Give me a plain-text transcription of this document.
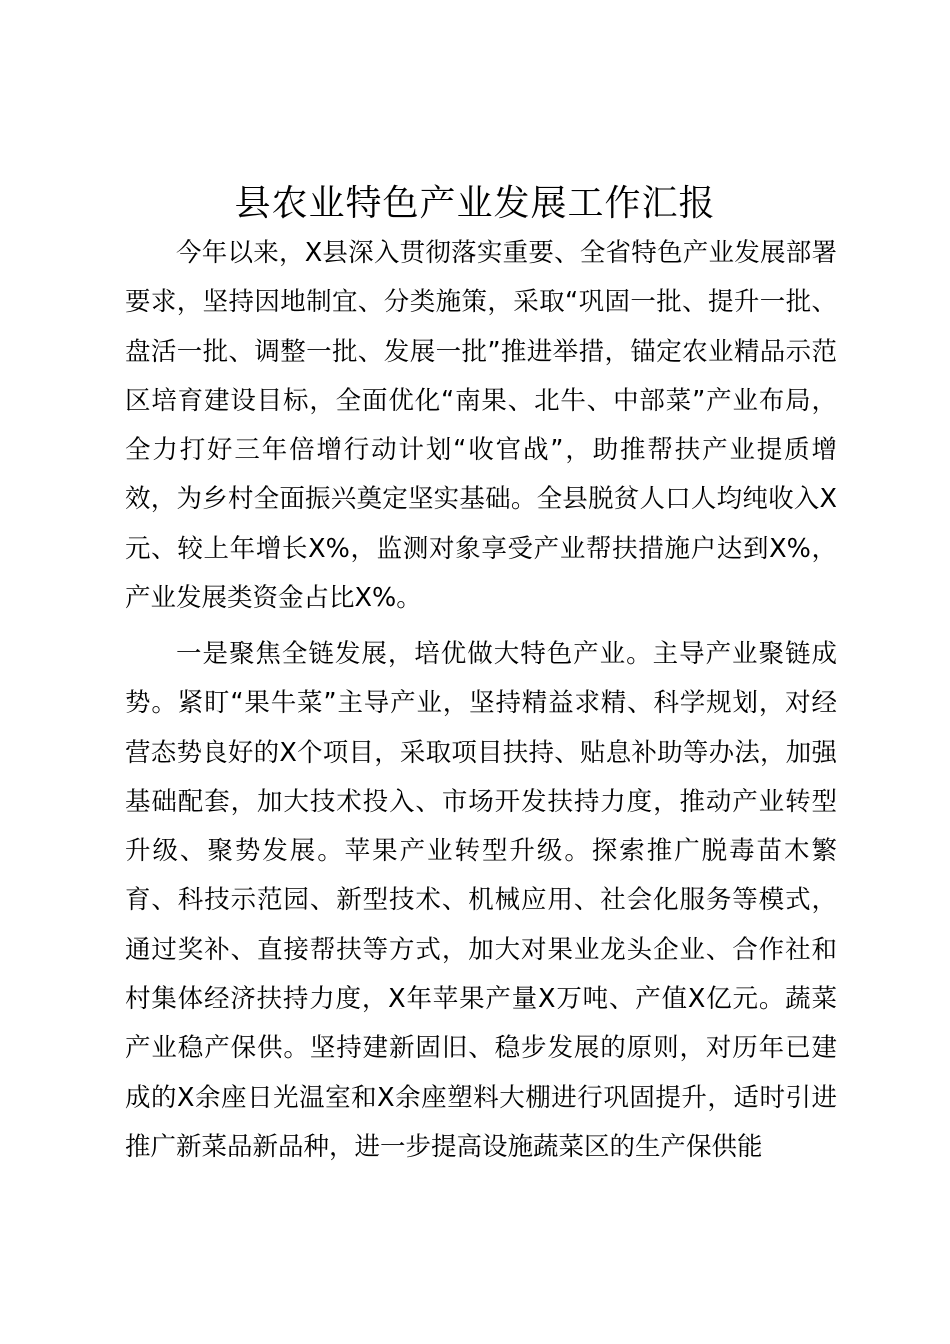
县农业特色产业发展工作汇报

今年以来，X县深入贯彻落实重要、全省特色产业发展部署要求，坚持因地制宜、分类施策，采取“巩固一批、提升一批、盘活一批、调整一批、发展一批”推进举措，锚定农业精品示范区培育建设目标，全面优化“南果、北牛、中部菜”产业布局，全力打好三年倍增行动计划“收官战”，助推帮扶产业提质增效，为乡村全面振兴奠定坚实基础。全县脱贫人口人均纯收入X元、较上年增长X%，监测对象享受产业帮扶措施户达到X%，产业发展类资金占比X%。

一是聚焦全链发展，培优做大特色产业。主导产业聚链成势。紧盯“果牛菜”主导产业，坚持精益求精、科学规划，对经营态势良好的X个项目，采取项目扶持、贴息补助等办法，加强基础配套，加大技术投入、市场开发扶持力度，推动产业转型升级、聚势发展。苹果产业转型升级。探索推广脱毒苗木繁育、科技示范园、新型技术、机械应用、社会化服务等模式，通过奖补、直接帮扶等方式，加大对果业龙头企业、合作社和村集体经济扶持力度，X年苹果产量X万吨、产值X亿元。蔬菜产业稳产保供。坚持建新固旧、稳步发展的原则，对历年已建成的X余座日光温室和X余座塑料大棚进行巩固提升，适时引进推广新菜品新品种，进一步提高设施蔬菜区的生产保供能
